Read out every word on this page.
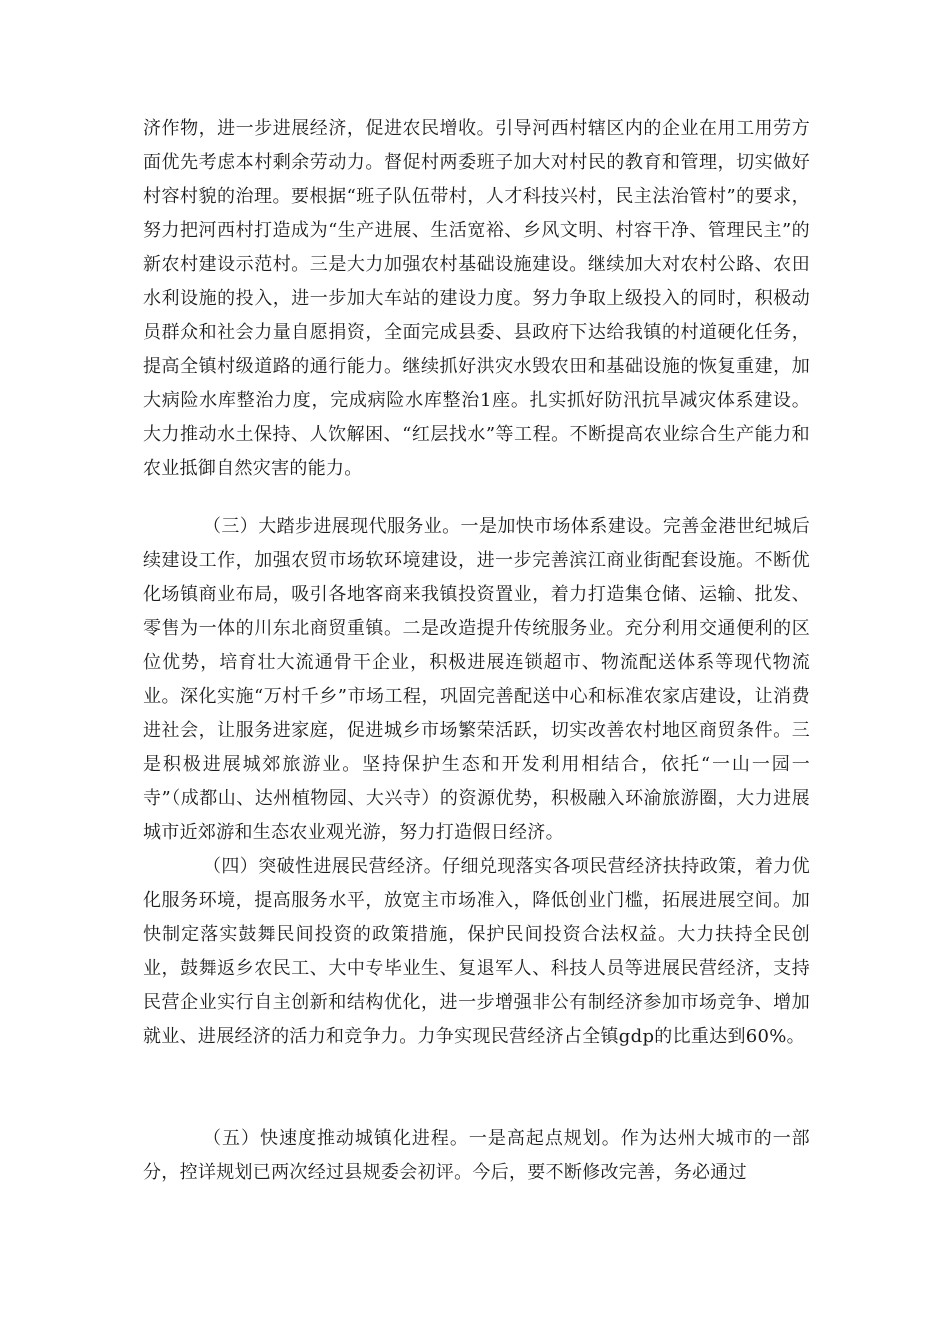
济作物，进一步进展经济，促进农民增收。引导河西村辖区内的企业在用工用劳方面优先考虑本村剩余劳动力。督促村两委班子加大对村民的教育和管理，切实做好村容村貌的治理。要根据“班子队伍带村，人才科技兴村，民主法治管村”的要求，努力把河西村打造成为“生产进展、生活宽裕、乡风文明、村容干净、管理民主”的新农村建设示范村。三是大力加强农村基础设施建设。继续加大对农村公路、农田水利设施的投入，进一步加大车站的建设力度。努力争取上级投入的同时，积极动员群众和社会力量自愿捐资，全面完成县委、县政府下达给我镇的村道硬化任务，提高全镇村级道路的通行能力。继续抓好洪灾水毁农田和基础设施的恢复重建，加大病险水库整治力度，完成病险水库整治1座。扎实抓好防汛抗旱减灾体系建设。大力推动水土保持、人饮解困、“红层找水”等工程。不断提高农业综合生产能力和农业抵御自然灾害的能力。

（三）大踏步进展现代服务业。一是加快市场体系建设。完善金港世纪城后续建设工作，加强农贸市场软环境建设，进一步完善滨江商业街配套设施。不断优化场镇商业布局，吸引各地客商来我镇投资置业，着力打造集仓储、运输、批发、零售为一体的川东北商贸重镇。二是改造提升传统服务业。充分利用交通便利的区位优势，培育壮大流通骨干企业，积极进展连锁超市、物流配送体系等现代物流业。深化实施“万村千乡”市场工程，巩固完善配送中心和标准农家店建设，让消费进社会，让服务进家庭，促进城乡市场繁荣活跃，切实改善农村地区商贸条件。三是积极进展城郊旅游业。坚持保护生态和开发利用相结合，依托“一山一园一寺”（成都山、达州植物园、大兴寺）的资源优势，积极融入环渝旅游圈，大力进展城市近郊游和生态农业观光游，努力打造假日经济。

（四）突破性进展民营经济。仔细兑现落实各项民营经济扶持政策，着力优化服务环境，提高服务水平，放宽主市场准入，降低创业门槛，拓展进展空间。加快制定落实鼓舞民间投资的政策措施，保护民间投资合法权益。大力扶持全民创业，鼓舞返乡农民工、大中专毕业生、复退军人、科技人员等进展民营经济，支持民营企业实行自主创新和结构优化，进一步增强非公有制经济参加市场竞争、增加就业、进展经济的活力和竞争力。力争实现民营经济占全镇gdp的比重达到60%。

（五）快速度推动城镇化进程。一是高起点规划。作为达州大城市的一部分，控详规划已两次经过县规委会初评。今后，要不断修改完善，务必通过
